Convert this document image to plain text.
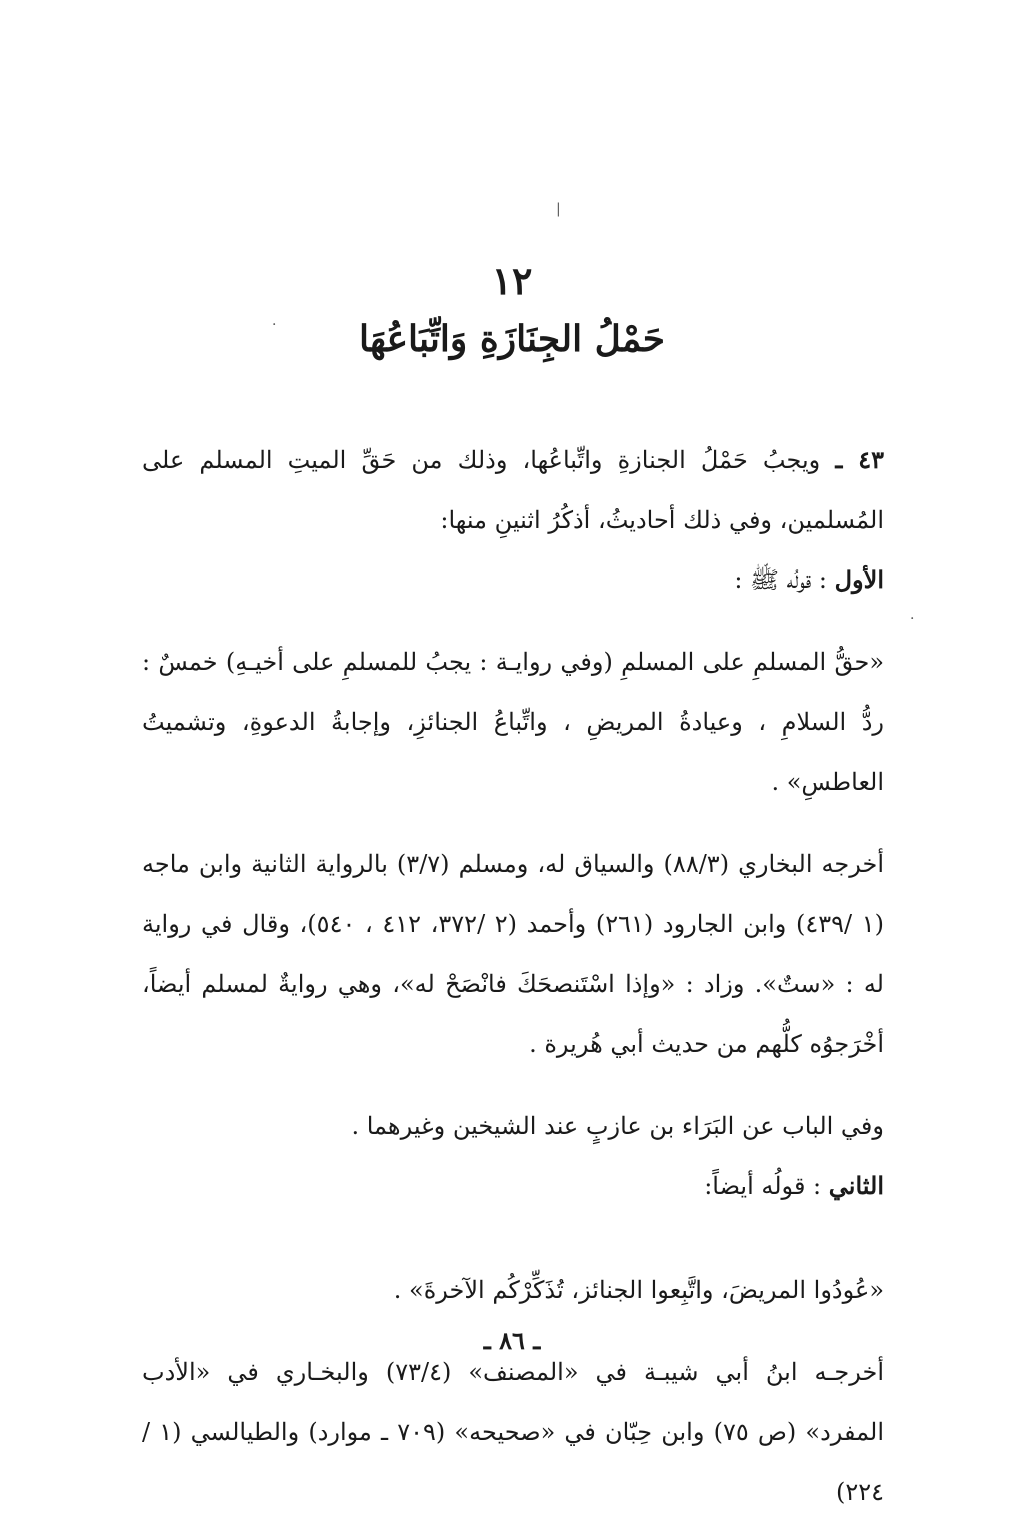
|
·
·
١٢
حَمْلُ الجِنَازَةِ وَاتِّبَاعُهَا

٤٣ ـ ويجبُ حَمْلُ الجنازةِ واتِّباعُها، وذلك من حَقِّ الميتِ المسلم على المُسلمين، وفي ذلك أحاديثُ، أذكُرُ اثنينِ منها:

الأول : قولُه ﷺ :

«حقُّ المسلمِ على المسلمِ (وفي روايـة : يجبُ للمسلمِ على أخيـهِ) خمسٌ : ردُّ السلامِ ، وعيادةُ المريضِ ، واتِّباعُ الجنائزِ، وإجابةُ الدعوةِ، وتشميتُ العاطسِ» .

أخرجه البخاري (٨٨/٣) والسياق له، ومسلم (٣/٧) بالرواية الثانية وابن ماجه (١ /٤٣٩) وابن الجارود (٢٦١) وأحمد (٢ /٣٧٢، ٤١٢ ، ٥٤٠)، وقال في رواية له : «ستٌ». وزاد : «وإذا اسْتَنصحَكَ فانْصَحْ له»، وهي روايةٌ لمسلم أيضاً، أخْرَجوُه كلُّهم من حديث أبي هُريرة .

وفي الباب عن البَرَاء بن عازبٍ عند الشيخين وغيرهما .

الثاني : قولُه أيضاً:

«عُودُوا المريضَ، واتَّبِعوا الجنائز، تُذَكِّرْكُم الآخرةَ» .

أخرجـه ابنُ أبي شيبـة في «المصنف» (٧٣/٤) والبخـاري في «الأدب المفرد» (ص ٧٥) وابن حِبّان في «صحيحه» (٧٠٩ ـ موارد) والطيالسي (١ /٢٢٤)

ـ ٨٦ ـ
